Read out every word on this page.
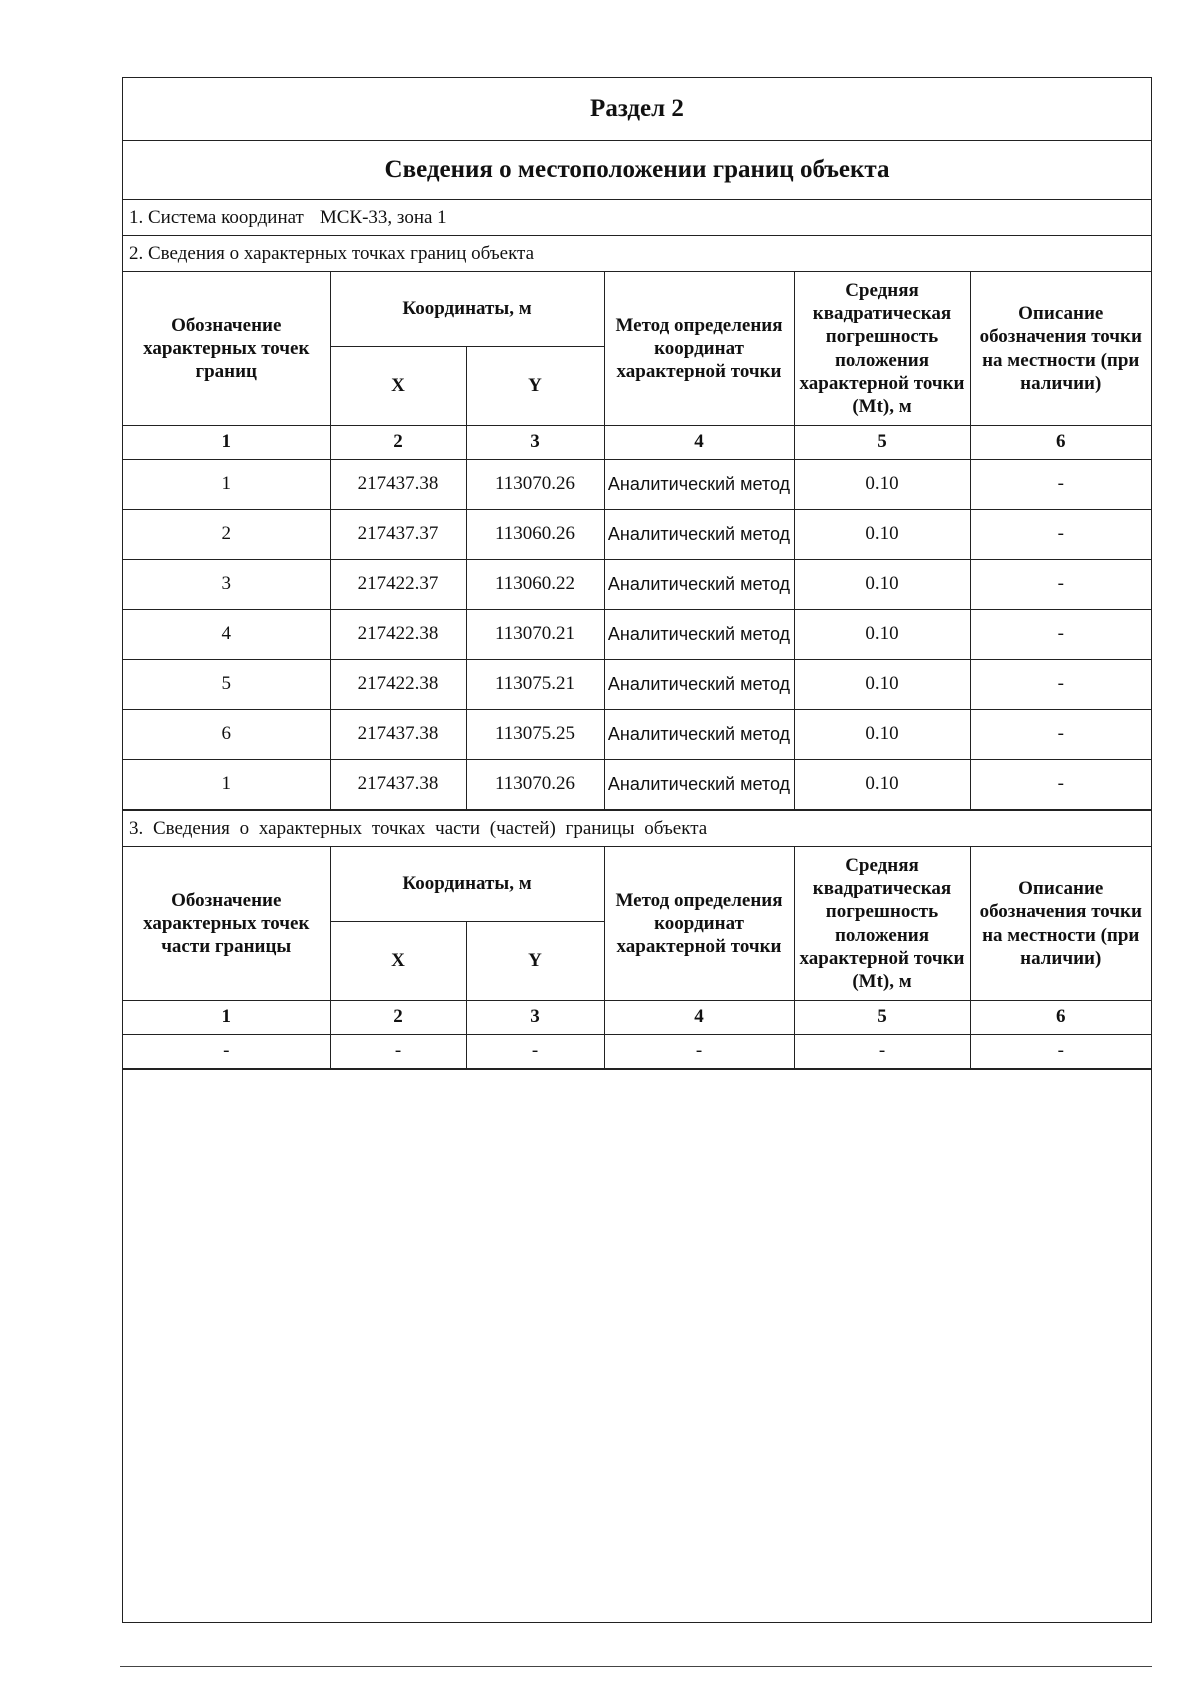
Раздел 2
Сведения о местоположении границ объекта
1. Система координат МСК-33, зона 1
2. Сведения о характерных точках границ объекта
Обозначение характерных точек границ	Координаты, м		Метод определения координат характерной точки	Средняя квадратическая погрешность положения характерной точки (Mt), м	Описание обозначения точки на местности (при наличии)
	X	Y			
1	2	3	4	5	6
1	217437.38	113070.26	Аналитический метод	0.10	-
2	217437.37	113060.26	Аналитический метод	0.10	-
3	217422.37	113060.22	Аналитический метод	0.10	-
4	217422.38	113070.21	Аналитический метод	0.10	-
5	217422.38	113075.21	Аналитический метод	0.10	-
6	217437.38	113075.25	Аналитический метод	0.10	-
1	217437.38	113070.26	Аналитический метод	0.10	-
3. Сведения о характерных точках части (частей) границы объекта
Обозначение характерных точек части границы	Координаты, м		Метод определения координат характерной точки	Средняя квадратическая погрешность положения характерной точки (Mt), м	Описание обозначения точки на местности (при наличии)
	X	Y			
1	2	3	4	5	6
-	-	-	-	-	-
